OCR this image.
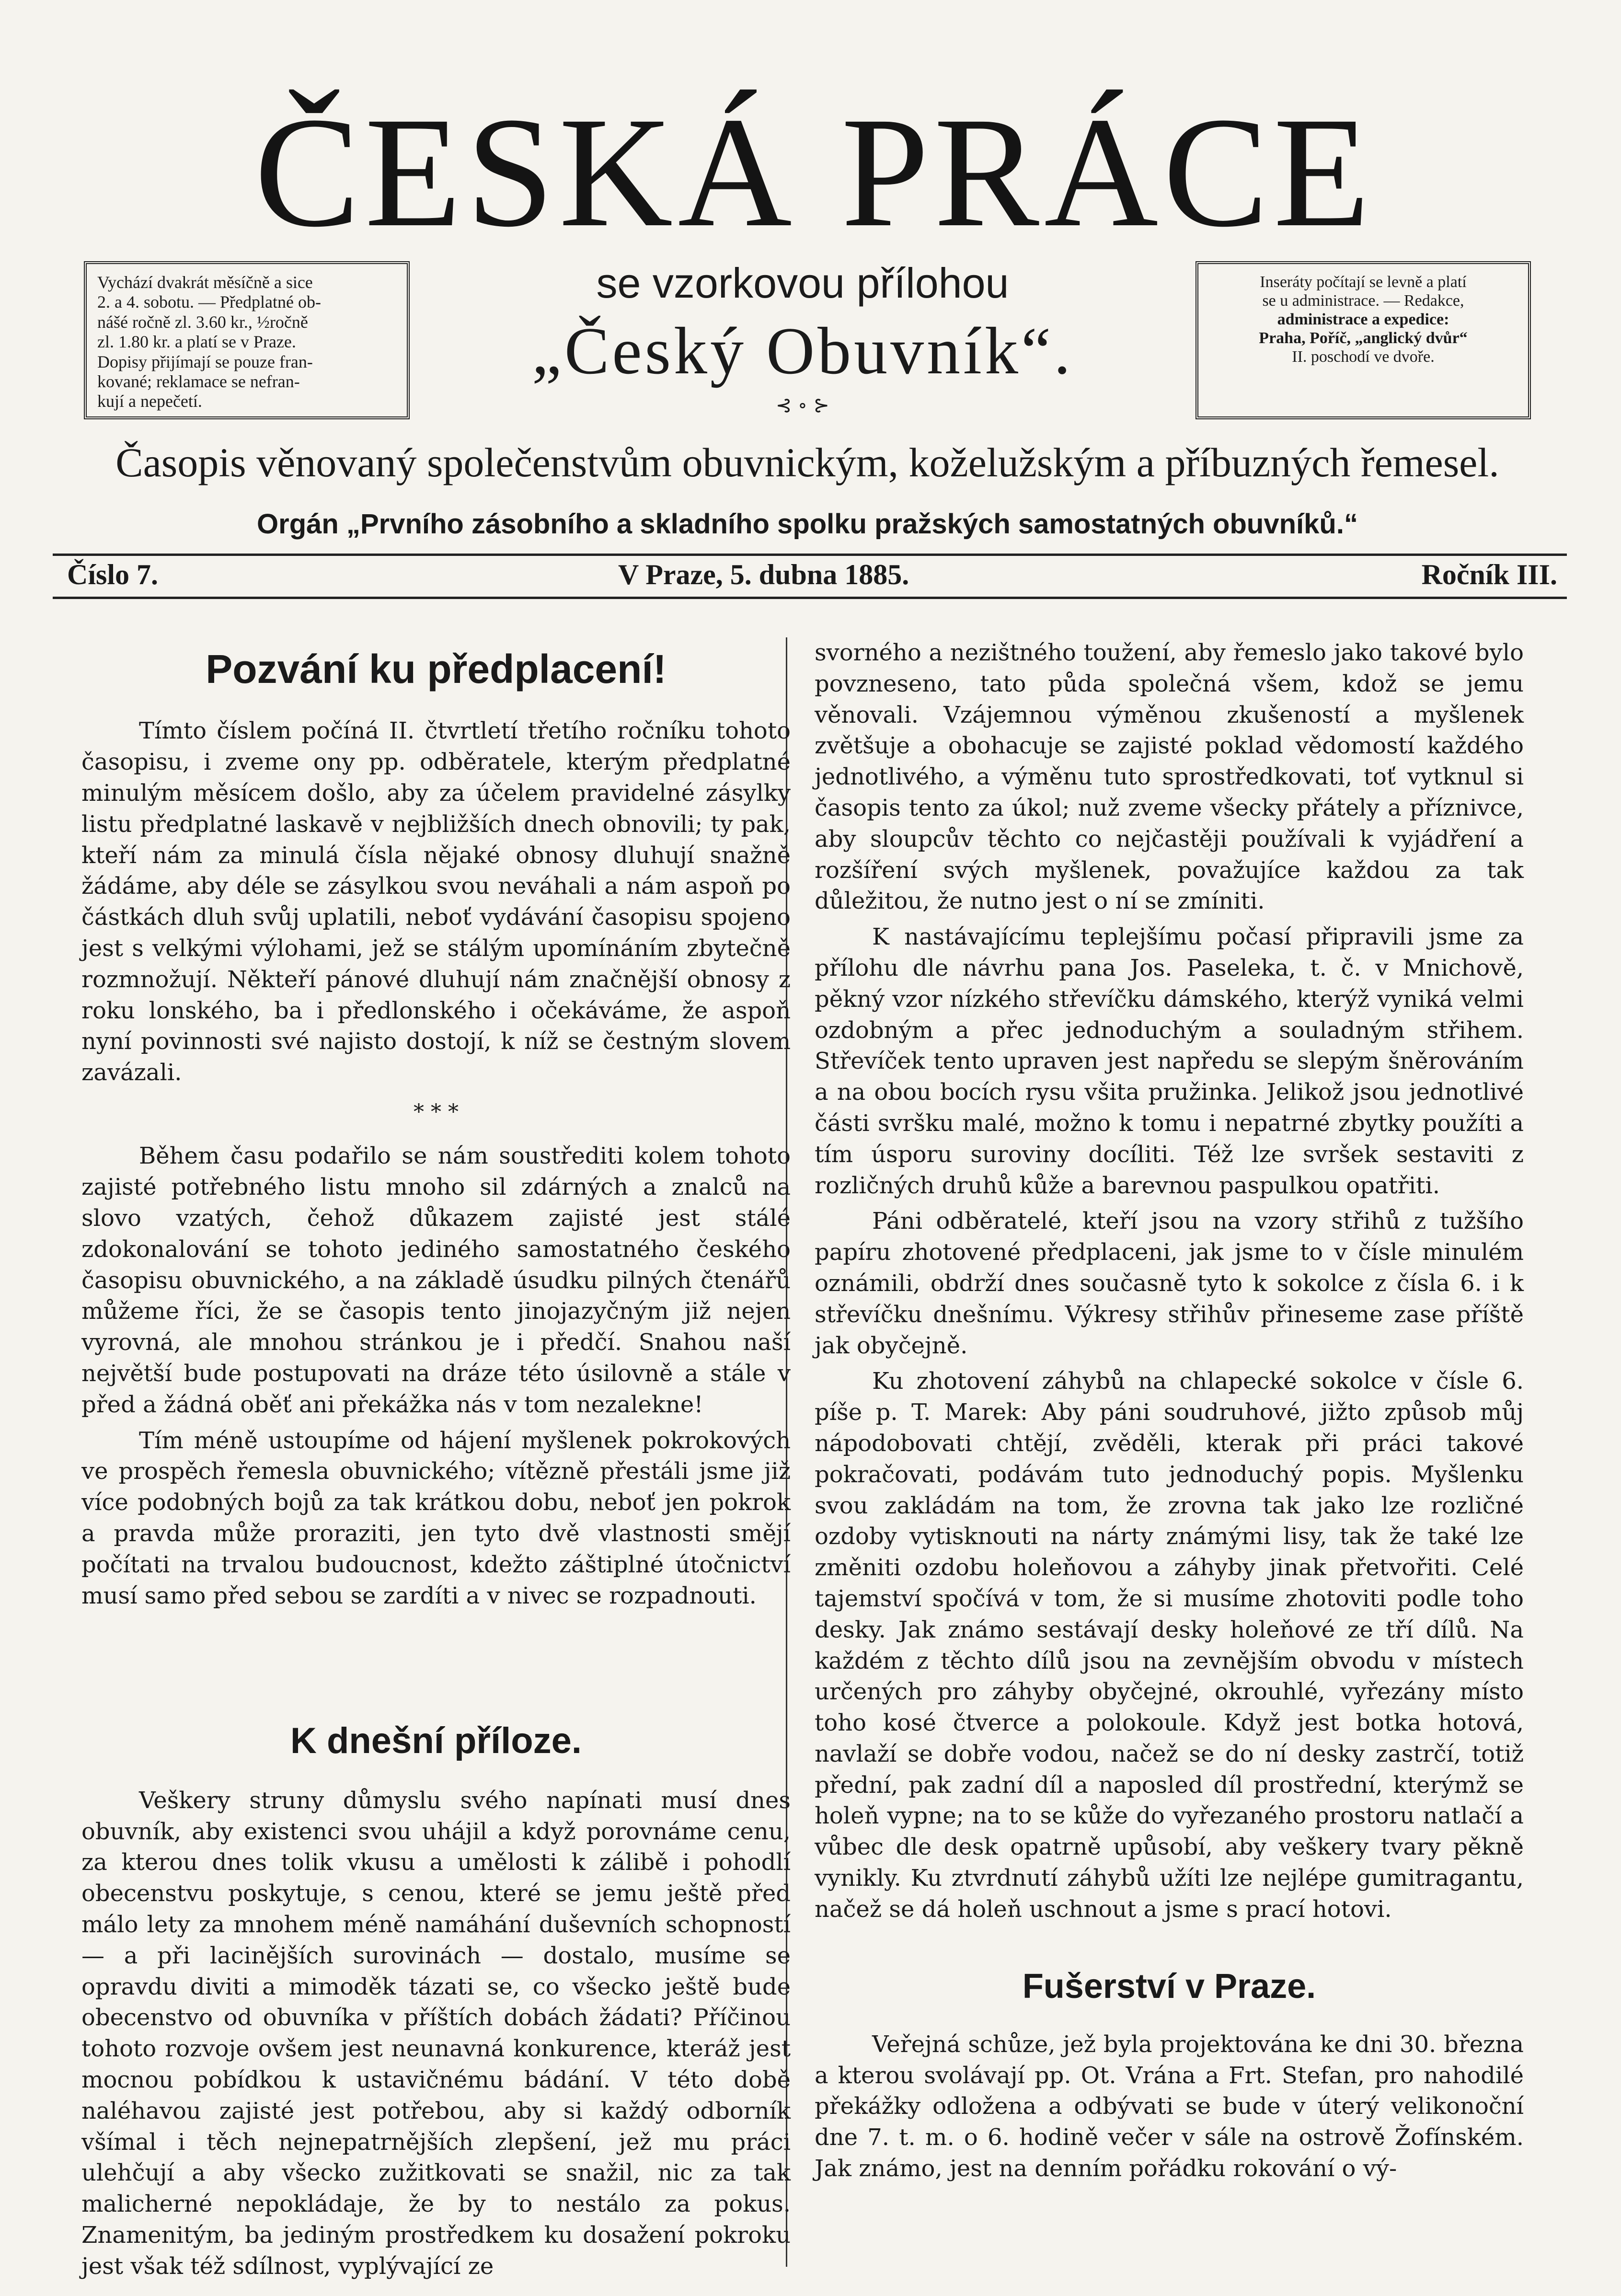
ČESKÁ PRÁCE
Vychází dvakrát měsíčně a sice
2. a 4. sobotu. — Předplatné ob-
nášé ročně zl. 3.60 kr., ½ročně
zl. 1.80 kr. a platí se v Praze.
Dopisy přijímají se pouze fran-
kované; reklamace se nefran-
kují a nepečetí.
se vzorkovou přílohou
„Český Obuvník“.
⊰ ∘ ⊱
Inseráty počítají se levně a platí
se u administrace. — Redakce,
administrace a expedice:
Praha, Poříč, „anglický dvůr“
II. poschodí ve dvoře.
Časopis věnovaný společenstvům obuvnickým, koželužským a příbuzných řemesel.
Orgán „Prvního zásobního a skladního spolku pražských samostatných obuvníků.“
Číslo 7.	V Praze, 5. dubna 1885.	Ročník III.
Pozvání ku předplacení!

Tímto číslem počíná II. čtvrtletí třetího ročníku tohoto časopisu, i zveme ony pp. odběratele, kterým předplatné minulým měsícem došlo, aby za účelem pravidelné zásylky listu předplatné laskavě v nejbližších dnech obnovili; ty pak, kteří nám za minulá čísla nějaké obnosy dluhují snažně žádáme, aby déle se zásylkou svou neváhali a nám aspoň po částkách dluh svůj uplatili, neboť vydávání časopisu spojeno jest s velkými výlohami, jež se stálým upomínáním zbytečně rozmnožují. Někteří pánové dluhují nám značnější obnosy z roku lonského, ba i předlonského i očekáváme, že aspoň nyní povinnosti své najisto dostojí, k níž se čestným slovem zavázali.

* * *

Během času podařilo se nám soustřediti kolem tohoto zajisté potřebného listu mnoho sil zdárných a znalců na slovo vzatých, čehož důkazem zajisté jest stálé zdokonalování se tohoto jediného samostatného českého časopisu obuvnického, a na základě úsudku pilných čtenářů můžeme říci, že se časopis tento jinojazyčným již nejen vyrovná, ale mnohou stránkou je i předčí. Snahou naší největší bude postupovati na dráze této úsilovně a stále v před a žádná oběť ani překážka nás v tom nezalekne!

Tím méně ustoupíme od hájení myšlenek pokrokových ve prospěch řemesla obuvnického; vítězně přestáli jsme již více podobných bojů za tak krátkou dobu, neboť jen pokrok a pravda může proraziti, jen tyto dvě vlastnosti smějí počítati na trvalou budoucnost, kdežto záštiplné útočnictví musí samo před sebou se zardíti a v nivec se rozpadnouti.

K dnešní příloze.

Veškery struny důmyslu svého napínati musí dnes obuvník, aby existenci svou uhájil a když porovnáme cenu, za kterou dnes tolik vkusu a umělosti k zálibě i pohodlí obecenstvu poskytuje, s cenou, které se jemu ještě před málo lety za mnohem méně namáhání duševních schopností — a při lacinějších surovinách — dostalo, musíme se opravdu diviti a mimoděk tázati se, co všecko ještě bude obecenstvo od obuvníka v příštích dobách žádati? Příčinou tohoto rozvoje ovšem jest neunavná konkurence, kteráž jest mocnou pobídkou k ustavičnému bádání. V této době naléhavou zajisté jest potřebou, aby si každý odborník všímal i těch nejnepatrnějších zlepšení, jež mu práci ulehčují a aby všecko zužitkovati se snažil, nic za tak malicherné nepokládaje, že by to nestálo za pokus. Znamenitým, ba jediným prostředkem ku dosažení pokroku jest však též sdílnost, vyplývající ze

svorného a nezištného toužení, aby řemeslo jako takové bylo povzneseno, tato půda společná všem, kdož se jemu věnovali. Vzájemnou výměnou zkušeností a myšlenek zvětšuje a obohacuje se zajisté poklad vědomostí každého jednotlivého, a výměnu tuto sprostředkovati, toť vytknul si časopis tento za úkol; nuž zveme všecky přátely a příznivce, aby sloupcův těchto co nejčastěji používali k vyjádření a rozšíření svých myšlenek, považujíce každou za tak důležitou, že nutno jest o ní se zmíniti.

K nastávajícímu teplejšímu počasí připravili jsme za přílohu dle návrhu pana Jos. Paseleka, t. č. v Mnichově, pěkný vzor nízkého střevíčku dámského, kterýž vyniká velmi ozdobným a přec jednoduchým a souladným střihem. Střevíček tento upraven jest napředu se slepým šněrováním a na obou bocích rysu všita pružinka. Jelikož jsou jednotlivé části svršku malé, možno k tomu i nepatrné zbytky použíti a tím úsporu suroviny docíliti. Též lze svršek sestaviti z rozličných druhů kůže a barevnou paspulkou opatřiti.

Páni odběratelé, kteří jsou na vzory střihů z tužšího papíru zhotovené předplaceni, jak jsme to v čísle minulém oznámili, obdrží dnes současně tyto k sokolce z čísla 6. i k střevíčku dnešnímu. Výkresy střihův přineseme zase příště jak obyčejně.

Ku zhotovení záhybů na chlapecké sokolce v čísle 6. píše p. T. Marek: Aby páni soudruhové, jižto způsob můj nápodobovati chtějí, zvěděli, kterak při práci takové pokračovati, podávám tuto jednoduchý popis. Myšlenku svou zakládám na tom, že zrovna tak jako lze rozličné ozdoby vytisknouti na nárty známými lisy, tak že také lze změniti ozdobu holeňovou a záhyby jinak přetvořiti. Celé tajemství spočívá v tom, že si musíme zhotoviti podle toho desky. Jak známo sestávají desky holeňové ze tří dílů. Na každém z těchto dílů jsou na zevnějším obvodu v místech určených pro záhyby obyčejné, okrouhlé, vyřezány místo toho kosé čtverce a polokoule. Když jest botka hotová, navlaží se dobře vodou, načež se do ní desky zastrčí, totiž přední, pak zadní díl a naposled díl prostřední, kterýmž se holeň vypne; na to se kůže do vyřezaného prostoru natlačí a vůbec dle desk opatrně upůsobí, aby veškery tvary pěkně vynikly. Ku ztvrdnutí záhybů užíti lze nejlépe gumitragantu, načež se dá holeň uschnout a jsme s prací hotovi.

Fušerství v Praze.

Veřejná schůze, jež byla projektována ke dni 30. března a kterou svolávají pp. Ot. Vrána a Frt. Stefan, pro nahodilé překážky odložena a odbývati se bude v úterý velikonoční dne 7. t. m. o 6. hodině večer v sále na ostrově Žofínském. Jak známo, jest na denním pořádku rokování o vý-
